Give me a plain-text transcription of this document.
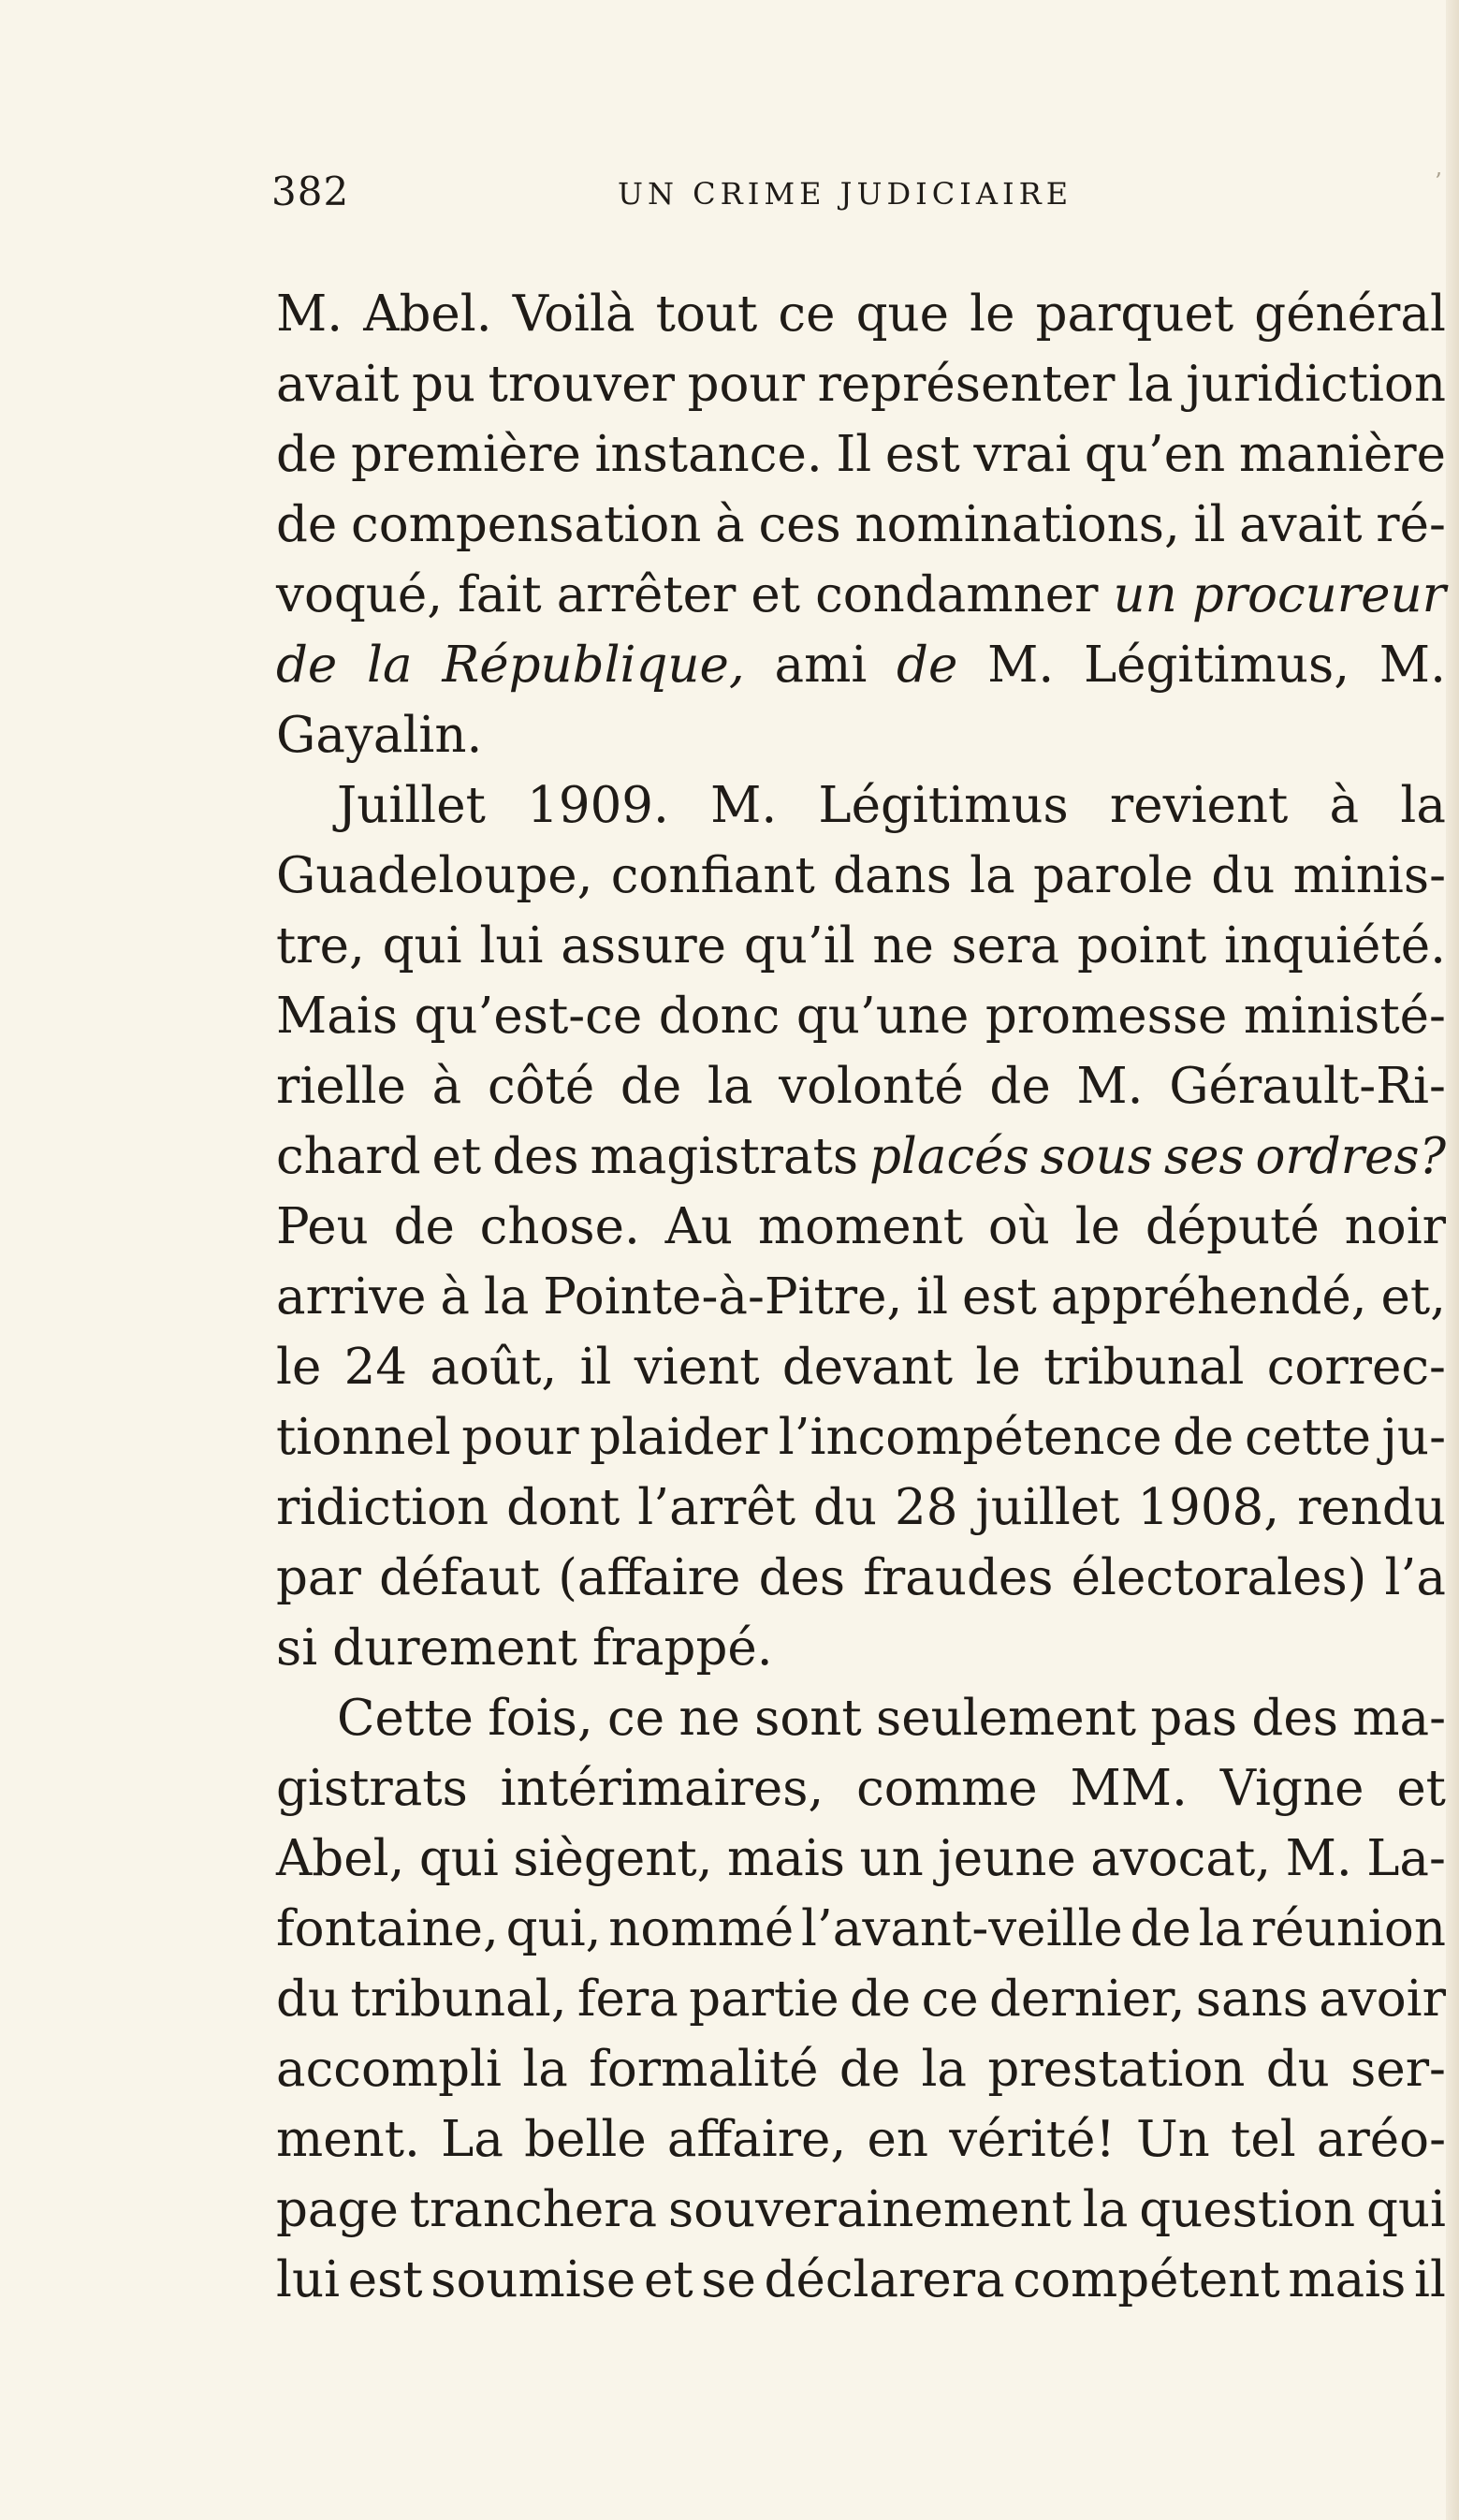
382	UN CRIME JUDICIAIRE	ʼ
M. Abel. Voilà tout ce que le parquet général
avait pu trouver pour représenter la juridiction
de première instance. Il est vrai qu’en manière
de compensation à ces nominations, il avait ré-
voqué, fait arrêter et condamner un procureur
de la République, ami de M. Légitimus, M.
Gayalin.
Juillet 1909. M. Légitimus revient à la
Guadeloupe, confiant dans la parole du minis-
tre, qui lui assure qu’il ne sera point inquiété.
Mais qu’est-ce donc qu’une promesse ministé-
rielle à côté de la volonté de M. Gérault-Ri-
chard et des magistrats placés sous ses ordres?
Peu de chose. Au moment où le député noir
arrive à la Pointe-à-Pitre, il est appréhendé, et,
le 24 août, il vient devant le tribunal correc-
tionnel pour plaider l’incompétence de cette ju-
ridiction dont l’arrêt du 28 juillet 1908, rendu
par défaut (affaire des fraudes électorales) l’a
si durement frappé.
Cette fois, ce ne sont seulement pas des ma-
gistrats intérimaires, comme MM. Vigne et
Abel, qui siègent, mais un jeune avocat, M. La-
fontaine, qui, nommé l’avant-veille de la réunion
du tribunal, fera partie de ce dernier, sans avoir
accompli la formalité de la prestation du ser-
ment. La belle affaire, en vérité! Un tel aréo-
page tranchera souverainement la question qui
lui est soumise et se déclarera compétent mais il
